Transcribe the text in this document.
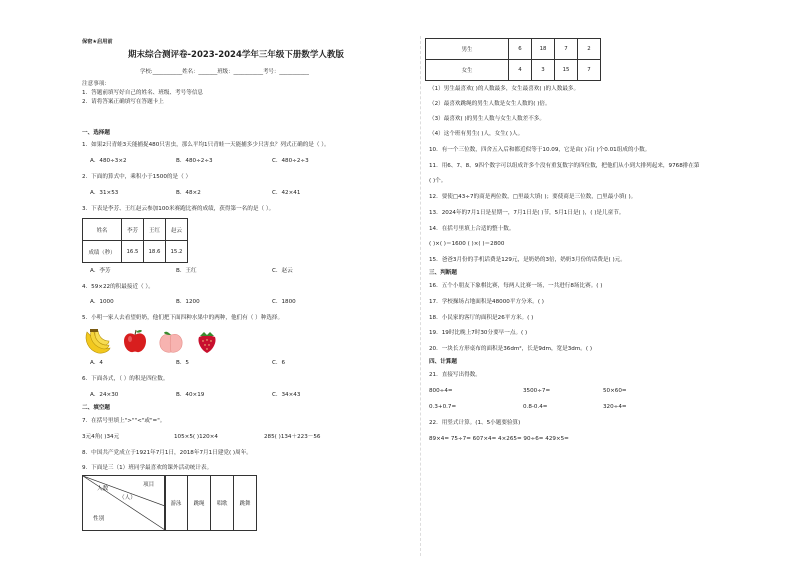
保密★启用前
期末综合测评卷-2023-2024学年三年级下册数学人教版
学校:___________姓名：_______班级：___________考号：___________
注意事项：
1．答题前填写好自己的姓名、班级、考号等信息
2．请将答案正确填写在答题卡上
一、选择题
1．如果2只青蛙3天能捕捉480只害虫，那么平均1只青蛙一天能捕多少只害虫？列式正确的是（ ）。
A．480÷3×2	B．480÷2÷3	C．480÷2÷3
2．下面的算式中，乘积小于1500的是（ ）
A．31×53	B．48×2	C．42×41
3．下表是李芳、王红赵云参加100米赛跑比赛的成绩，获得第一名的是（ ）。
姓名	李芳	王红	赵云
成绩（秒）	16.5	18.6	15.2
A．李芳	B．王红	C．赵云
4．59×22的积最接近（ ）。
A．1000	B．1200	C．1800
5．小明一家人去看望奶奶，他们把下面四种水果中的两种，他们有（ ）种选择。
A．4	B．5	C．6
6．下面各式，（ ）的积是四位数。
A．24×30	B．40×19	C．34×43
二、填空题
7．在括号里填上">""<"或"="。
3元4角( )34元	105×5( )120×4	285( )134＋223－56
8．中国共产党成立于1921年7月1日，2018年7月1日建党( )周年。
9．下面是三（1）班同学最喜欢的课外活动统计表。
项目
人数
（人）
性别
游泳	跳绳	唱歌	跳舞
男生	6	18	7	2
女生	4	3	15	7
（1）男生最喜欢( )的人数最多，女生最喜欢( )的人数最多。
（2）最喜欢跳绳的男生人数是女生人数的( )倍。
（3）最喜欢( )的男生人数与女生人数差不多。
（4）这个班有男生( )人，女生( )人。
10．有一个三位数，四舍五入后和都近似等于10.09，它是由( )百( )个0.01组成的小数。
11．用6、7、8、9四个数字可以组成许多个没有重复数字的四位数，把他们从小到大排列起来，9768排在第
( )个。
12．要使□43÷7的商是两位数，□里最大填( )；要使商是三位数，□里最小填( )。
13．2024年的7月1日是星期一，7月1日是( )节，5月1日是( )，( )是儿童节。
14．在括号里填上合适的整十数。
( )×( )＝1600 ( )×( )＝2800
15．爸爸3月份的手机话费是129元，是奶奶的3倍，奶奶3月份的话费是( )元。
三、判断题
16．五个小朋友下象棋比赛，每两人比赛一场，一共进行8场比赛。( )
17．学校操场占地面积是48000平方分米。( )
18．小民家的客厅的面积是26平方米。( )
19．19时比晚上7时30分要早一点。( )
20．一块长方形桌布的面积是36dm²，长是9dm，宽是3dm。( )
四、计算题
21．直接写出得数。
800÷4=	3500÷7=	50×60=
0.3+0.7=	0.8-0.4=	320÷4=
22．用竖式计算。(1、5小题要验算)
89×4= 75÷7= 607×4= 4×265= 90÷6= 429×5=
